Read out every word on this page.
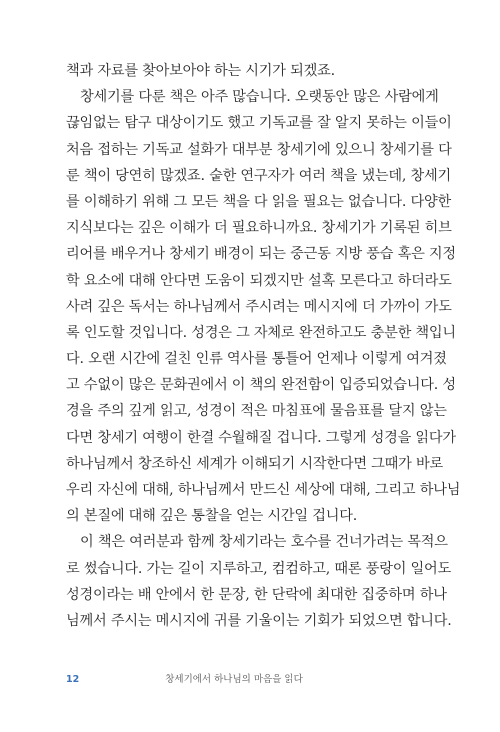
책과 자료를 찾아보아야 하는 시기가 되겠죠.
창세기를 다룬 책은 아주 많습니다. 오랫동안 많은 사람에게
끊임없는 탐구 대상이기도 했고 기독교를 잘 알지 못하는 이들이
처음 접하는 기독교 설화가 대부분 창세기에 있으니 창세기를 다
룬 책이 당연히 많겠죠. 숱한 연구자가 여러 책을 냈는데, 창세기
를 이해하기 위해 그 모든 책을 다 읽을 필요는 없습니다. 다양한
지식보다는 깊은 이해가 더 필요하니까요. 창세기가 기록된 히브
리어를 배우거나 창세기 배경이 되는 중근동 지방 풍습 혹은 지정
학 요소에 대해 안다면 도움이 되겠지만 설혹 모른다고 하더라도
사려 깊은 독서는 하나님께서 주시려는 메시지에 더 가까이 가도
록 인도할 것입니다. 성경은 그 자체로 완전하고도 충분한 책입니
다. 오랜 시간에 걸친 인류 역사를 통틀어 언제나 이렇게 여겨졌
고 수없이 많은 문화권에서 이 책의 완전함이 입증되었습니다. 성
경을 주의 깊게 읽고, 성경이 적은 마침표에 물음표를 달지 않는
다면 창세기 여행이 한결 수월해질 겁니다. 그렇게 성경을 읽다가
하나님께서 창조하신 세계가 이해되기 시작한다면 그때가 바로
우리 자신에 대해, 하나님께서 만드신 세상에 대해, 그리고 하나님
의 본질에 대해 깊은 통찰을 얻는 시간일 겁니다.
이 책은 여러분과 함께 창세기라는 호수를 건너가려는 목적으
로 썼습니다. 가는 길이 지루하고, 컴컴하고, 때론 풍랑이 일어도
성경이라는 배 안에서 한 문장, 한 단락에 최대한 집중하며 하나
님께서 주시는 메시지에 귀를 기울이는 기회가 되었으면 합니다.
12	창세기에서 하나님의 마음을 읽다
